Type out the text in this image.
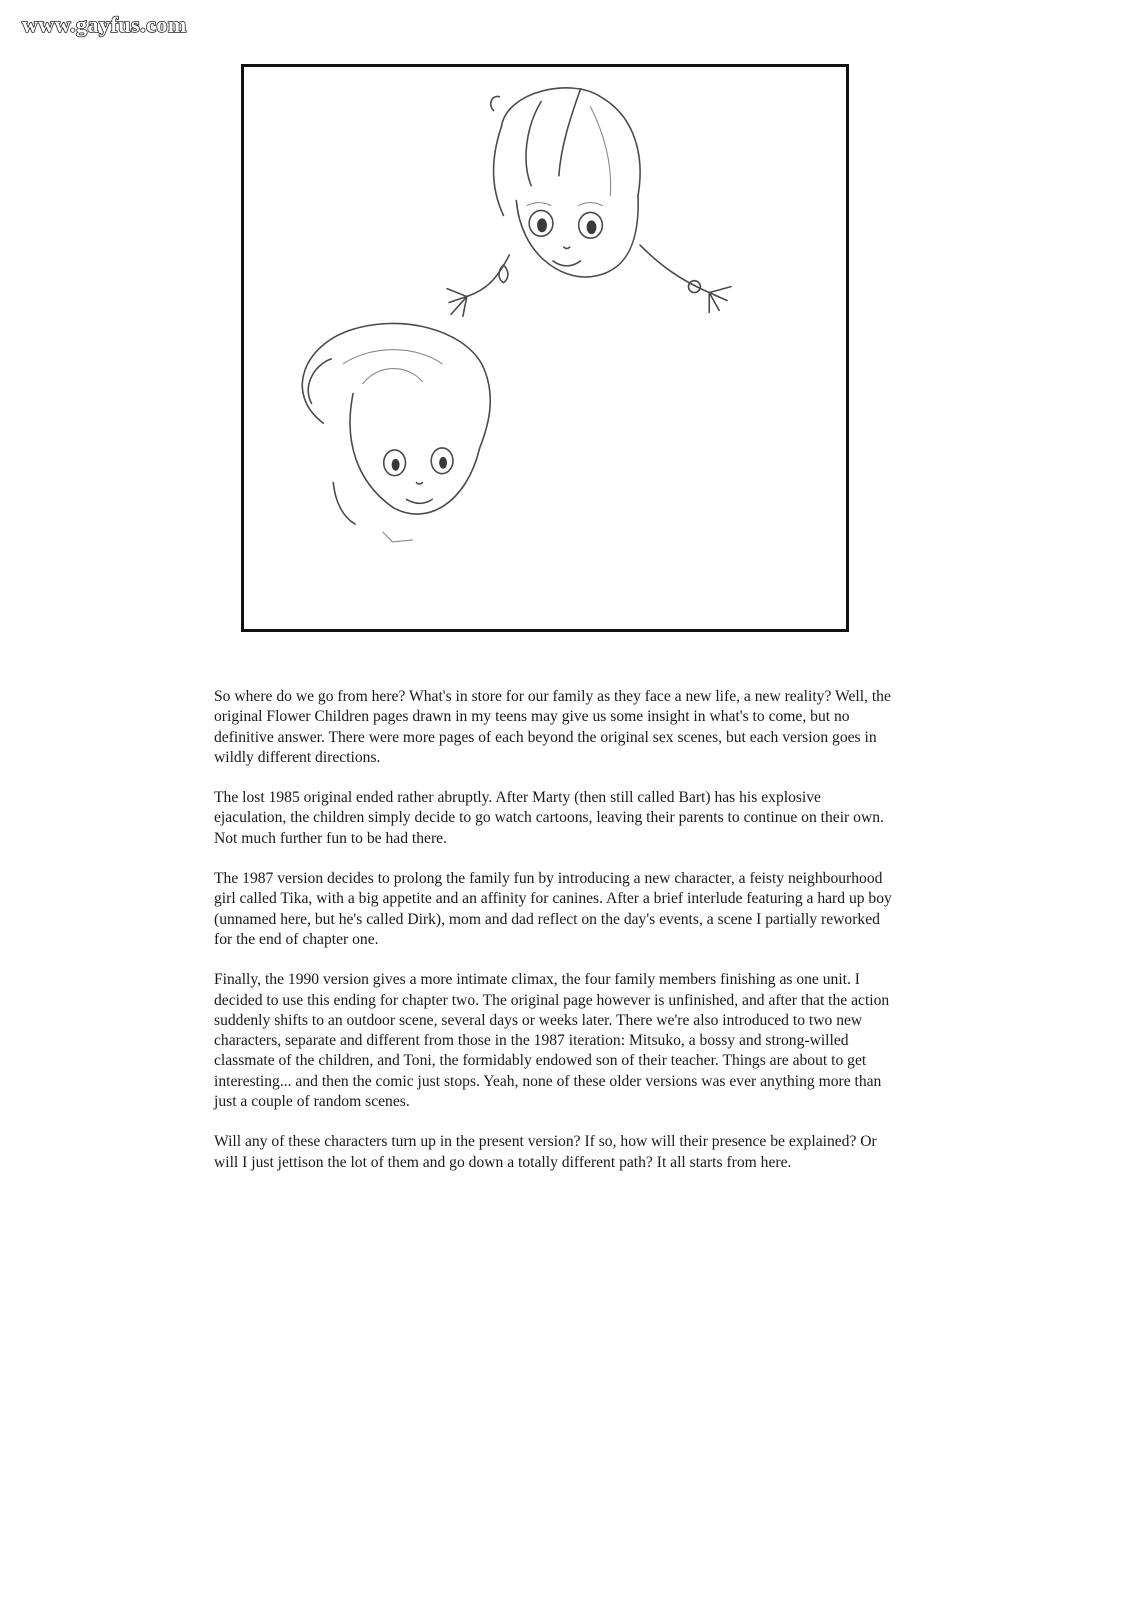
www.gayfus.com

So where do we go from here? What's in store for our family as they face a new life, a new reality? Well, the original Flower Children pages drawn in my teens may give us some insight in what's to come, but no definitive answer. There were more pages of each beyond the original sex scenes, but each version goes in wildly different directions.

The lost 1985 original ended rather abruptly. After Marty (then still called Bart) has his explosive ejaculation, the children simply decide to go watch cartoons, leaving their parents to continue on their own. Not much further fun to be had there.

The 1987 version decides to prolong the family fun by introducing a new character, a feisty neighbourhood girl called Tika, with a big appetite and an affinity for canines. After a brief interlude featuring a hard up boy (unnamed here, but he's called Dirk), mom and dad reflect on the day's events, a scene I partially reworked for the end of chapter one.

Finally, the 1990 version gives a more intimate climax, the four family members finishing as one unit. I decided to use this ending for chapter two. The original page however is unfinished, and after that the action suddenly shifts to an outdoor scene, several days or weeks later. There we're also introduced to two new characters, separate and different from those in the 1987 iteration: Mitsuko, a bossy and strong-willed classmate of the children, and Toni, the formidably endowed son of their teacher. Things are about to get interesting... and then the comic just stops. Yeah, none of these older versions was ever anything more than just a couple of random scenes.

Will any of these characters turn up in the present version? If so, how will their presence be explained? Or will I just jettison the lot of them and go down a totally different path? It all starts from here.
